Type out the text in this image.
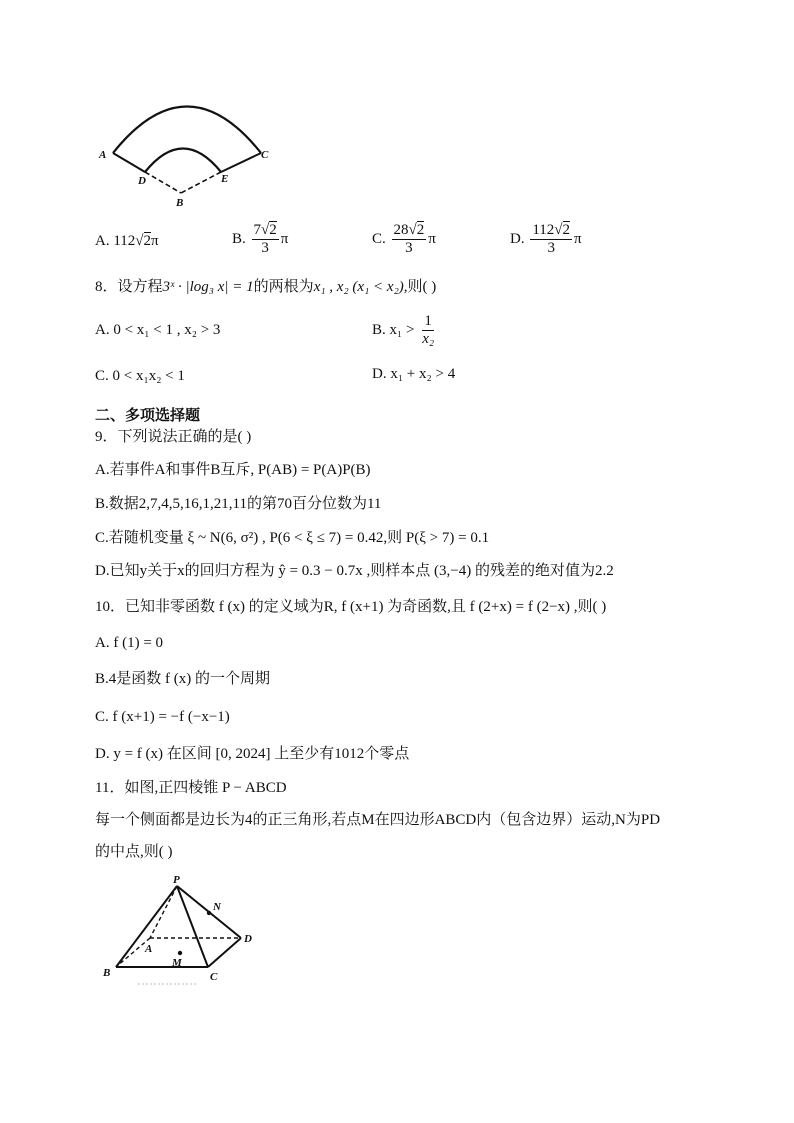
A
D	E
C
B
A. 112√2π	B. $\frac{7√2}{3}$ π	C. $\frac{28√2}{3}$ π	D. $\frac{112√2}{3}$ π
8．设方程3ˣ · |log₃ x| = 1的两根为x₁ , x₂ (x₁ < x₂),则( )
A. 0 < x₁ < 1 , x₂ > 3	B. $x_1 > \frac{1}{\text{x₂}}$
C. 0 < x₁x₂ < 1	D. x₁ + x₂ > 4
二、多项选择题
9．下列说法正确的是( )
A.若事件A和事件B互斥, P(AB) = P(A)P(B)
B.数据2,7,4,5,16,1,21,11的第70百分位数为11
C.若随机变量 ξ ~ N(6, σ²) , P(6 < ξ ≤ 7) = 0.42,则 P(ξ > 7) = 0.1
D.已知y关于x的回归方程为 ŷ = 0.3 − 0.7x ,则样本点 (3,−4) 的残差的绝对值为2.2
10．已知非零函数 f (x) 的定义域为R, f (x+1) 为奇函数,且 f (2+x) = f (2−x) ,则( )
A. f (1) = 0
B.4是函数 f (x) 的一个周期
C. f (x+1) = −f (−x−1)
D. y = f (x) 在区间 [0, 2024] 上至少有1012个零点
11．如图,正四棱锥 P − ABCD
每一个侧面都是边长为4的正三角形,若点M在四边形ABCD内（包含边界）运动,N为PD
的中点,则( )
P
N
A
D
M
B	C
